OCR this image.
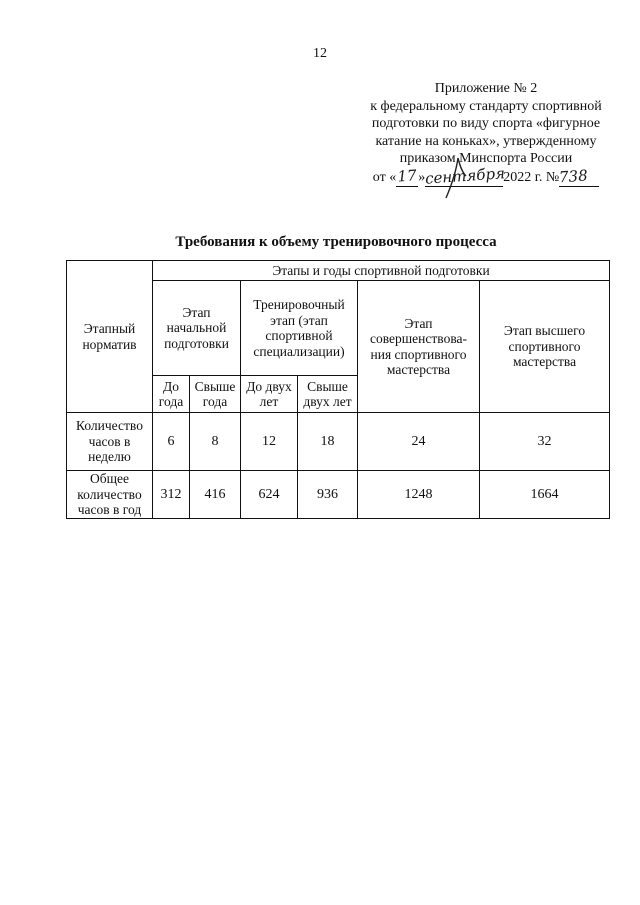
12
Приложение № 2
к федеральному стандарту спортивной
подготовки по виду спорта «фигурное
катание на коньках», утвержденному
приказом Минспорта России
от «17»сентября2022 г. №738
Требования к объему тренировочного процесса
Этапный норматив	Этапы и годы спортивной подготовки					
	Этап начальной подготовки		Тренировочный этап (этап спортивной специализации)		Этап совершенствова-ния спортивного мастерства	Этап высшего спортивного мастерства
	До года	Свыше года	До двух лет	Свыше двух лет		
Количество часов в неделю	6	8	12	18	24	32
Общее количество часов в год	312	416	624	936	1248	1664
